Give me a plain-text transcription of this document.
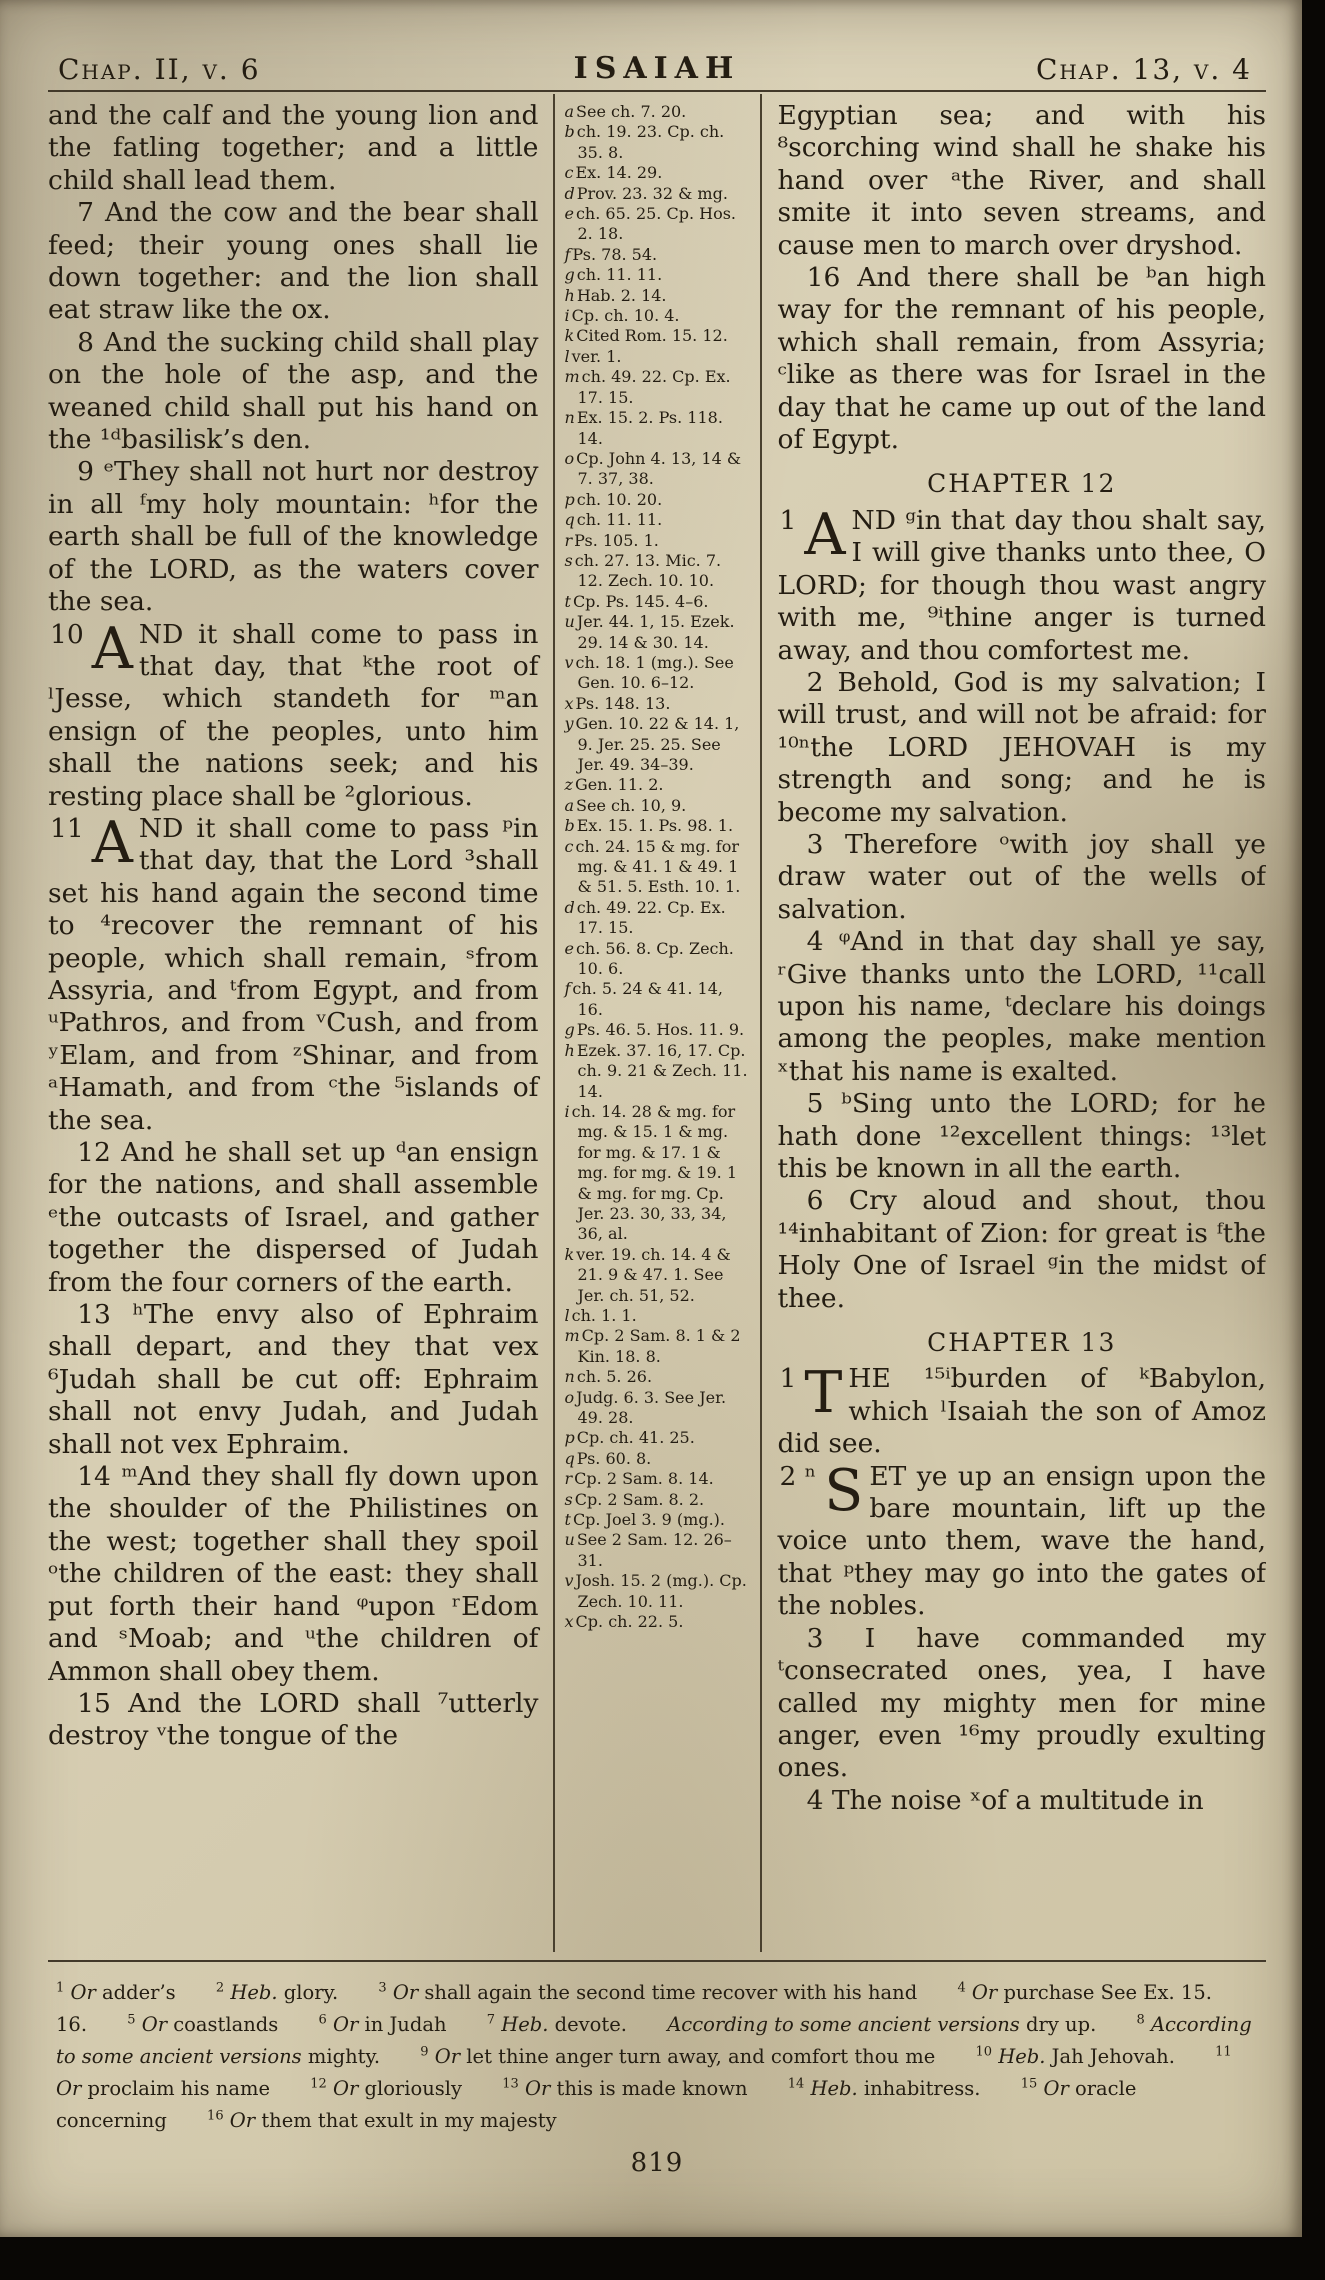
Chap. II, v. 6	ISAIAH	Chap. 13, v. 4

and the calf and the young lion and the fatling together; and a little child shall lead them.

7 And the cow and the bear shall feed; their young ones shall lie down together: and the lion shall eat straw like the ox.

8 And the sucking child shall play on the hole of the asp, and the weaned child shall put his hand on the ¹ᵈbasilisk’s den.

9 ᵉThey shall not hurt nor destroy in all ᶠmy holy mountain: ʰfor the earth shall be full of the knowledge of the LORD, as the waters cover the sea.

10 A ND it shall come to pass in that day, that ᵏthe root of ˡJesse, which standeth for ᵐan ensign of the peoples, unto him shall the nations seek; and his resting place shall be ²glorious.

11 A ND it shall come to pass ᵖin that day, that the Lord ³shall set his hand again the second time to ⁴recover the remnant of his people, which shall remain, ˢfrom Assyria, and ᵗfrom Egypt, and from ᵘPathros, and from ᵛCush, and from ʸElam, and from ᶻShinar, and from ᵃHamath, and from ᶜthe ⁵islands of the sea.

12 And he shall set up ᵈan ensign for the nations, and shall assemble ᵉthe outcasts of Israel, and gather together the dispersed of Judah from the four corners of the earth.

13 ʰThe envy also of Ephraim shall depart, and they that vex ⁶Judah shall be cut off: Ephraim shall not envy Judah, and Judah shall not vex Ephraim.

14 ᵐAnd they shall fly down upon the shoulder of the Philistines on the west; together shall they spoil ᵒthe children of the east: they shall put forth their hand ᵠupon ʳEdom and ˢMoab; and ᵘthe children of Ammon shall obey them.

15 And the LORD shall ⁷utterly destroy ᵛthe tongue of the

a See ch. 7. 20.

b ch. 19. 23. Cp. ch. 35. 8.

c Ex. 14. 29.

d Prov. 23. 32 & mg.

e ch. 65. 25. Cp. Hos. 2. 18.

f Ps. 78. 54.

g ch. 11. 11.

h Hab. 2. 14.

i Cp. ch. 10. 4.

k Cited Rom. 15. 12.

l ver. 1.

m ch. 49. 22. Cp. Ex. 17. 15.

n Ex. 15. 2. Ps. 118. 14.

o Cp. John 4. 13, 14 & 7. 37, 38.

p ch. 10. 20.

q ch. 11. 11.

r Ps. 105. 1.

s ch. 27. 13. Mic. 7. 12. Zech. 10. 10.

t Cp. Ps. 145. 4–6.

u Jer. 44. 1, 15. Ezek. 29. 14 & 30. 14.

v ch. 18. 1 (mg.). See Gen. 10. 6–12.

x Ps. 148. 13.

y Gen. 10. 22 & 14. 1, 9. Jer. 25. 25. See Jer. 49. 34–39.

z Gen. 11. 2.

a See ch. 10, 9.

b Ex. 15. 1. Ps. 98. 1.

c ch. 24. 15 & mg. for mg. & 41. 1 & 49. 1 & 51. 5. Esth. 10. 1.

d ch. 49. 22. Cp. Ex. 17. 15.

e ch. 56. 8. Cp. Zech. 10. 6.

f ch. 5. 24 & 41. 14, 16.

g Ps. 46. 5. Hos. 11. 9.

h Ezek. 37. 16, 17. Cp. ch. 9. 21 & Zech. 11. 14.

i ch. 14. 28 & mg. for mg. & 15. 1 & mg. for mg. & 17. 1 & mg. for mg. & 19. 1 & mg. for mg. Cp. Jer. 23. 30, 33, 34, 36, al.

k ver. 19. ch. 14. 4 & 21. 9 & 47. 1. See Jer. ch. 51, 52.

l ch. 1. 1.

m Cp. 2 Sam. 8. 1 & 2 Kin. 18. 8.

n ch. 5. 26.

o Judg. 6. 3. See Jer. 49. 28.

p Cp. ch. 41. 25.

q Ps. 60. 8.

r Cp. 2 Sam. 8. 14.

s Cp. 2 Sam. 8. 2.

t Cp. Joel 3. 9 (mg.).

u See 2 Sam. 12. 26–31.

v Josh. 15. 2 (mg.). Cp. Zech. 10. 11.

x Cp. ch. 22. 5.

Egyptian sea; and with his ⁸scorching wind shall he shake his hand over ᵃthe River, and shall smite it into seven streams, and cause men to march over dryshod.

16 And there shall be ᵇan high way for the remnant of his people, which shall remain, from Assyria; ᶜlike as there was for Israel in the day that he came up out of the land of Egypt.

CHAPTER 12

1 A ND ᵍin that day thou shalt say, I will give thanks unto thee, O LORD; for though thou wast angry with me, ⁹ⁱthine anger is turned away, and thou comfortest me.

2 Behold, God is my salvation; I will trust, and will not be afraid: for ¹⁰ⁿthe LORD JEHOVAH is my strength and song; and he is become my salvation.

3 Therefore ᵒwith joy shall ye draw water out of the wells of salvation.

4 ᵠAnd in that day shall ye say, ʳGive thanks unto the LORD, ¹¹call upon his name, ᵗdeclare his doings among the peoples, make mention ˣthat his name is exalted.

5 ᵇSing unto the LORD; for he hath done ¹²excellent things: ¹³let this be known in all the earth.

6 Cry aloud and shout, thou ¹⁴inhabitant of Zion: for great is ᶠthe Holy One of Israel ᵍin the midst of thee.

CHAPTER 13

1 T HE ¹⁵ⁱburden of ᵏBabylon, which ˡIsaiah the son of Amoz did see.

2 ⁿ S ET ye up an ensign upon the bare mountain, lift up the voice unto them, wave the hand, that ᵖthey may go into the gates of the nobles.

3 I have commanded my ᵗconsecrated ones, yea, I have called my mighty men for mine anger, even ¹⁶my proudly exulting ones.

4 The noise ˣof a multitude in

$^1$ Or adder’s	$^2$ Heb. glory.	$^3$ Or shall again the second time recover with his hand	$^4$ Or purchase See Ex. 15. 16.	$^5$ Or coastlands	$^6$ Or in Judah	$^7$ Heb. devote. According to some ancient versions dry up.	$^8$ According to some ancient versions mighty.	$^9$ Or let thine anger turn away, and comfort thou me	$^{10}$ Heb. Jah Jehovah.	$^{11}$ Or proclaim his name	$^{12}$ Or gloriously	$^{13}$ Or this is made known	$^{14}$ Heb. inhabitress.	$^{15}$ Or oracle concerning	$^{16}$ Or them that exult in my majesty
819
